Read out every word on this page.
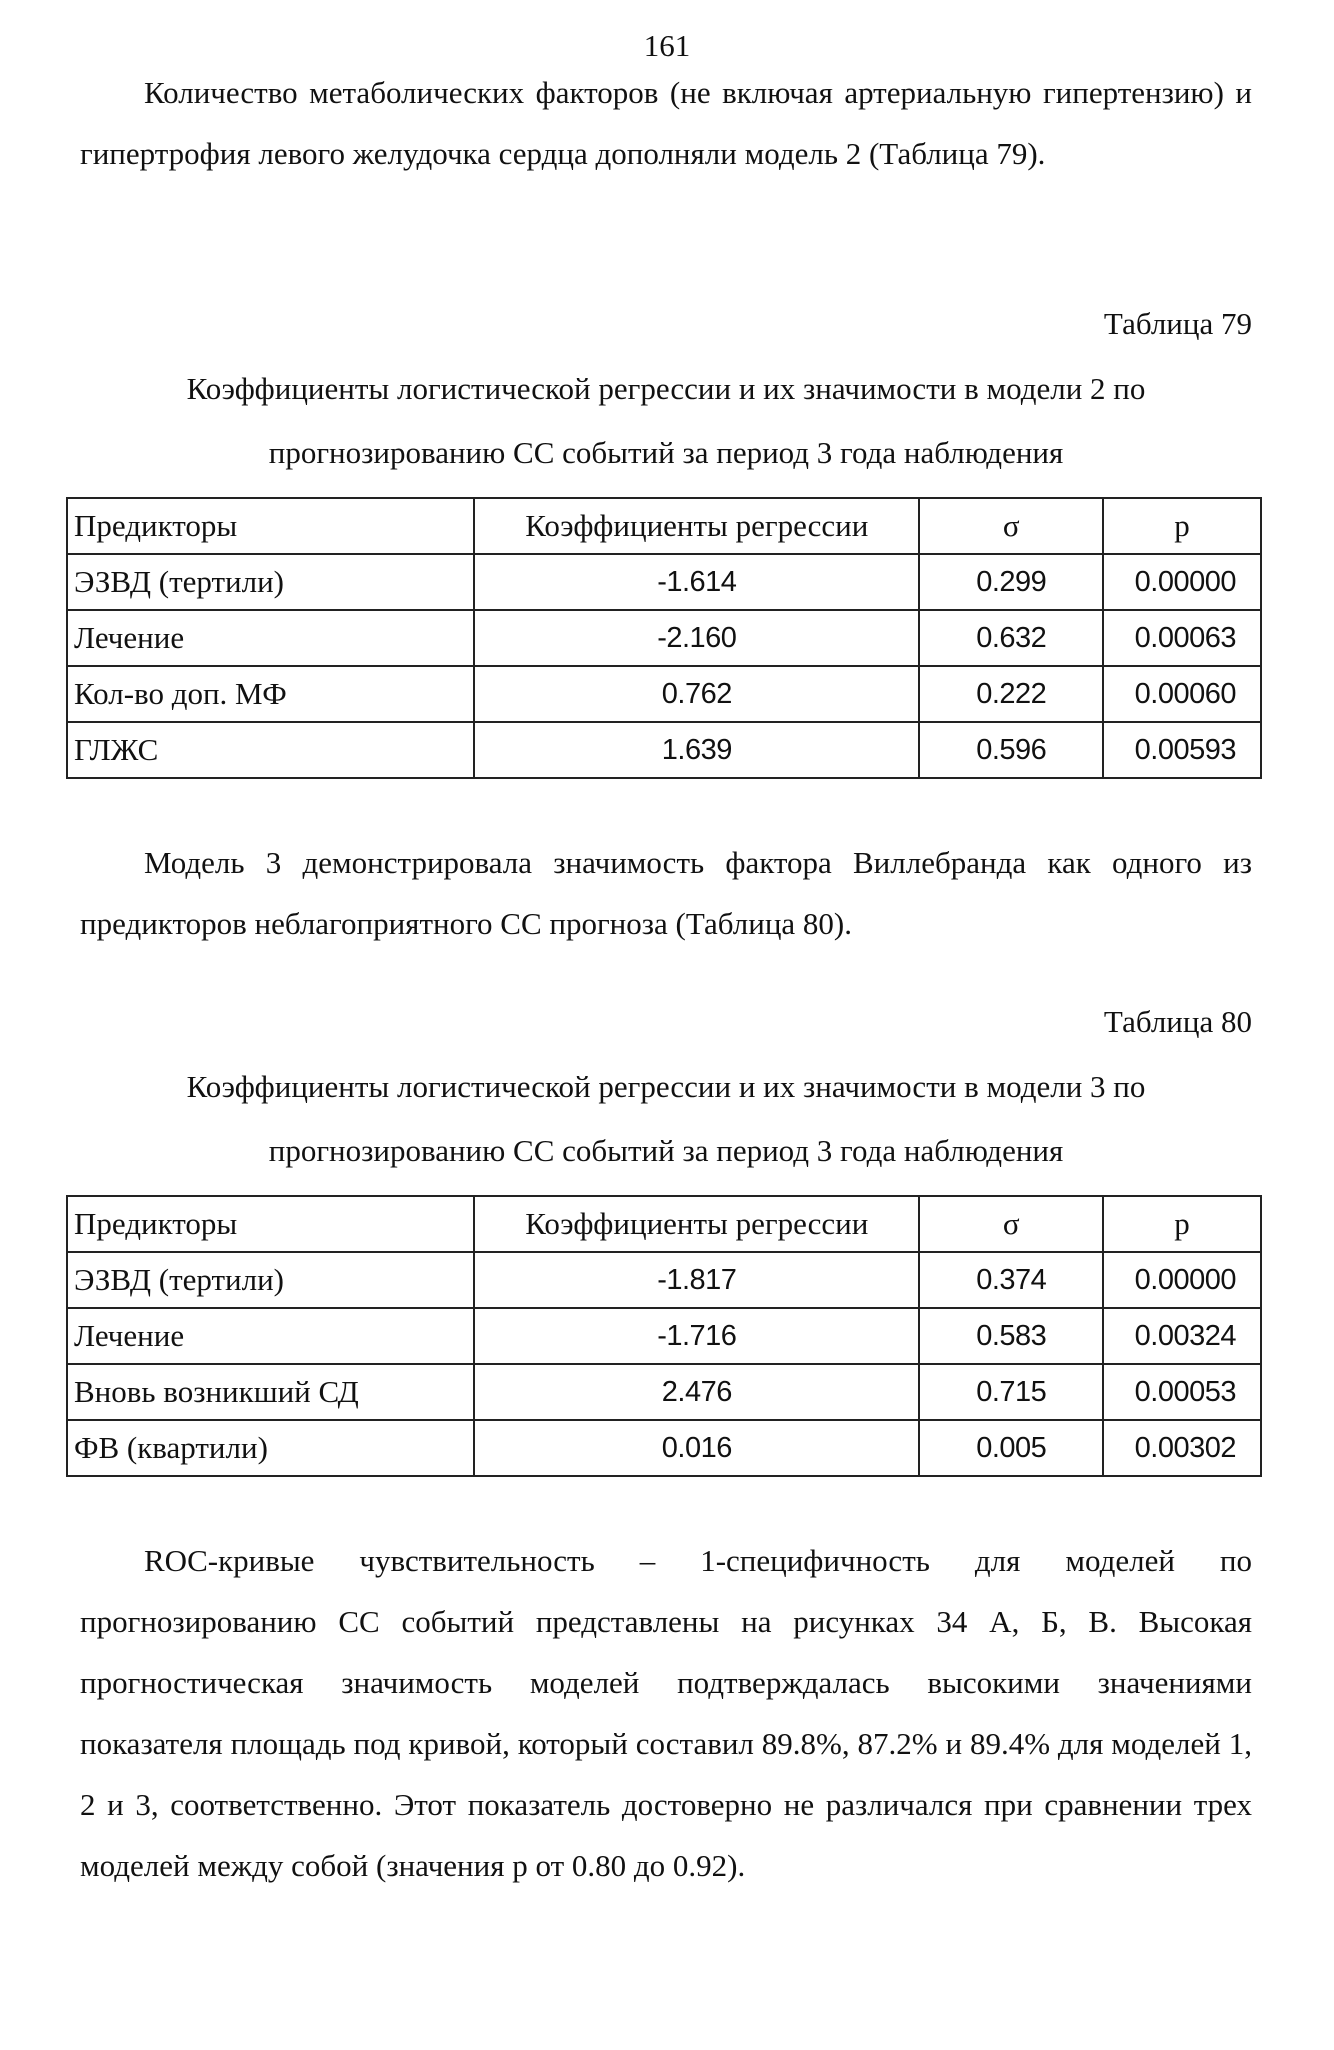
161

Количество метаболических факторов (не включая артериальную гипертензию) и гипертрофия левого желудочка сердца дополняли модель 2 (Таблица 79).

Таблица 79

Коэффициенты логистической регрессии и их значимости в модели 2 по

прогнозированию СС событий за период 3 года наблюдения

Предикторы	Коэффициенты регрессии	σ	p
ЭЗВД (тертили)	-1.614	0.299	0.00000
Лечение	-2.160	0.632	0.00063
Кол-во доп. МФ	0.762	0.222	0.00060
ГЛЖС	1.639	0.596	0.00593

Модель 3 демонстрировала значимость фактора Виллебранда как одного из предикторов неблагоприятного СС прогноза (Таблица 80).

Таблица 80

Коэффициенты логистической регрессии и их значимости в модели 3 по

прогнозированию СС событий за период 3 года наблюдения

Предикторы	Коэффициенты регрессии	σ	p
ЭЗВД (тертили)	-1.817	0.374	0.00000
Лечение	-1.716	0.583	0.00324
Вновь возникший СД	2.476	0.715	0.00053
ФВ (квартили)	0.016	0.005	0.00302

ROC-кривые чувствительность – 1-специфичность для моделей по прогнозированию СС событий представлены на рисунках 34 А, Б, В. Высокая прогностическая значимость моделей подтверждалась высокими значениями показателя площадь под кривой, который составил 89.8%, 87.2% и 89.4% для моделей 1, 2 и 3, соответственно. Этот показатель достоверно не различался при сравнении трех моделей между собой (значения р от 0.80 до 0.92).
